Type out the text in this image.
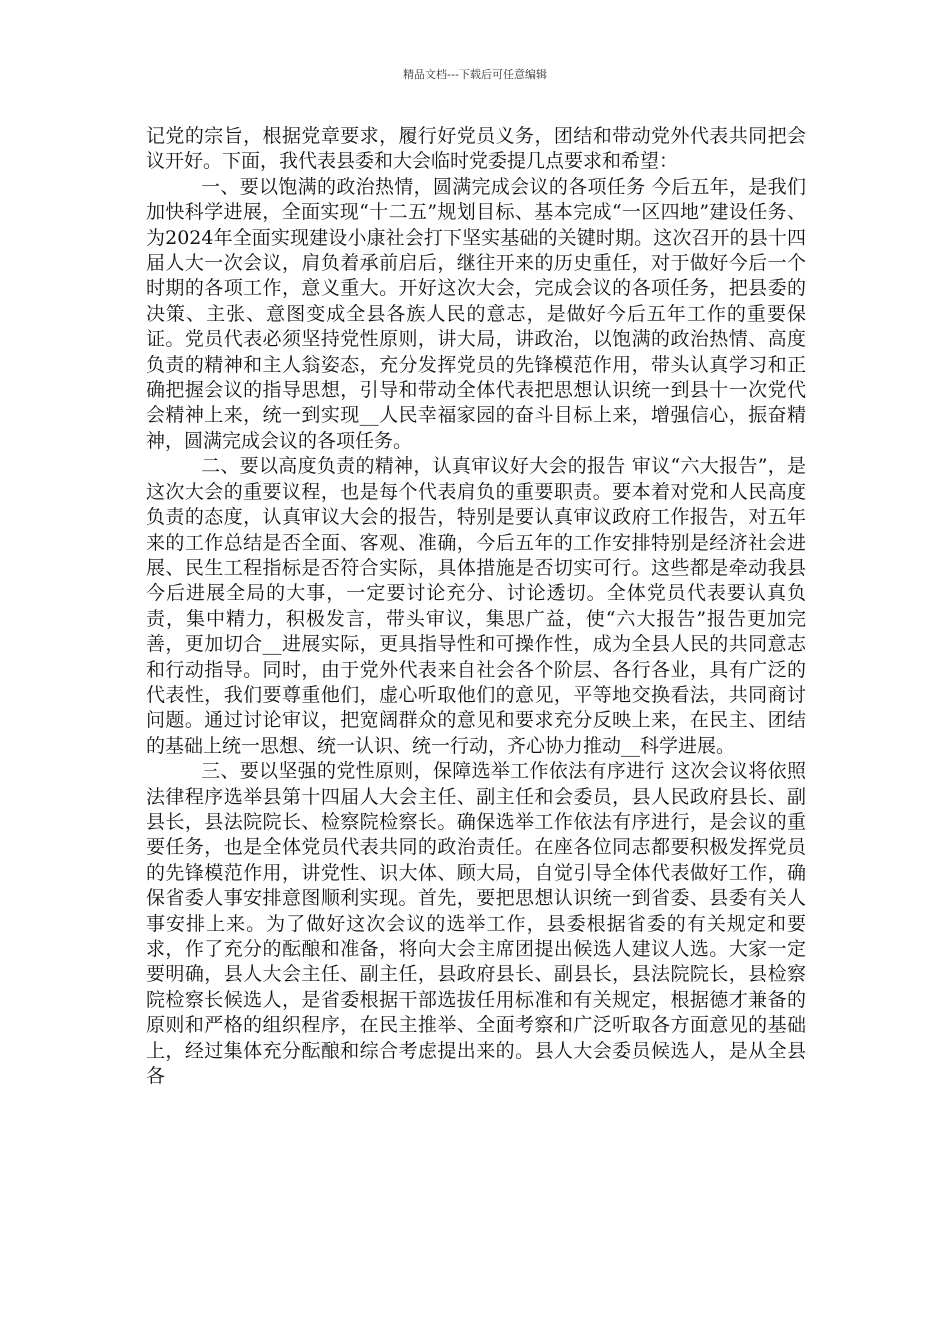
精品文档---下载后可任意编辑

记党的宗旨，根据党章要求，履行好党员义务，团结和带动党外代表共同把会议开好。下面，我代表县委和大会临时党委提几点要求和希望：

一、要以饱满的政治热情，圆满完成会议的各项任务 今后五年，是我们加快科学进展，全面实现“十二五”规划目标、基本完成“一区四地”建设任务、为2024年全面实现建设小康社会打下坚实基础的关键时期。这次召开的县十四届人大一次会议，肩负着承前启后，继往开来的历史重任，对于做好今后一个时期的各项工作，意义重大。开好这次大会，完成会议的各项任务，把县委的决策、主张、意图变成全县各族人民的意志，是做好今后五年工作的重要保证。党员代表必须坚持党性原则，讲大局，讲政治，以饱满的政治热情、高度负责的精神和主人翁姿态，充分发挥党员的先锋模范作用，带头认真学习和正确把握会议的指导思想，引导和带动全体代表把思想认识统一到县十一次党代会精神上来，统一到实现__人民幸福家园的奋斗目标上来，增强信心，振奋精神，圆满完成会议的各项任务。

二、要以高度负责的精神，认真审议好大会的报告 审议“六大报告”，是这次大会的重要议程，也是每个代表肩负的重要职责。要本着对党和人民高度负责的态度，认真审议大会的报告，特别是要认真审议政府工作报告，对五年来的工作总结是否全面、客观、准确，今后五年的工作安排特别是经济社会进展、民生工程指标是否符合实际，具体措施是否切实可行。这些都是牵动我县今后进展全局的大事，一定要讨论充分、讨论透切。全体党员代表要认真负责，集中精力，积极发言，带头审议，集思广益，使“六大报告”报告更加完善，更加切合__进展实际，更具指导性和可操作性，成为全县人民的共同意志和行动指导。同时，由于党外代表来自社会各个阶层、各行各业，具有广泛的代表性，我们要尊重他们，虚心听取他们的意见，平等地交换看法，共同商讨问题。通过讨论审议，把宽阔群众的意见和要求充分反映上来，在民主、团结的基础上统一思想、统一认识、统一行动，齐心协力推动__科学进展。

三、要以坚强的党性原则，保障选举工作依法有序进行 这次会议将依照法律程序选举县第十四届人大会主任、副主任和会委员，县人民政府县长、副县长，县法院院长、检察院检察长。确保选举工作依法有序进行，是会议的重要任务，也是全体党员代表共同的政治责任。在座各位同志都要积极发挥党员的先锋模范作用，讲党性、识大体、顾大局，自觉引导全体代表做好工作，确保省委人事安排意图顺利实现。首先，要把思想认识统一到省委、县委有关人事安排上来。为了做好这次会议的选举工作，县委根据省委的有关规定和要求，作了充分的酝酿和准备，将向大会主席团提出候选人建议人选。大家一定要明确，县人大会主任、副主任，县政府县长、副县长，县法院院长，县检察院检察长候选人，是省委根据干部选拔任用标准和有关规定，根据德才兼备的原则和严格的组织程序，在民主推举、全面考察和广泛听取各方面意见的基础上，经过集体充分酝酿和综合考虑提出来的。县人大会委员候选人，是从全县各
